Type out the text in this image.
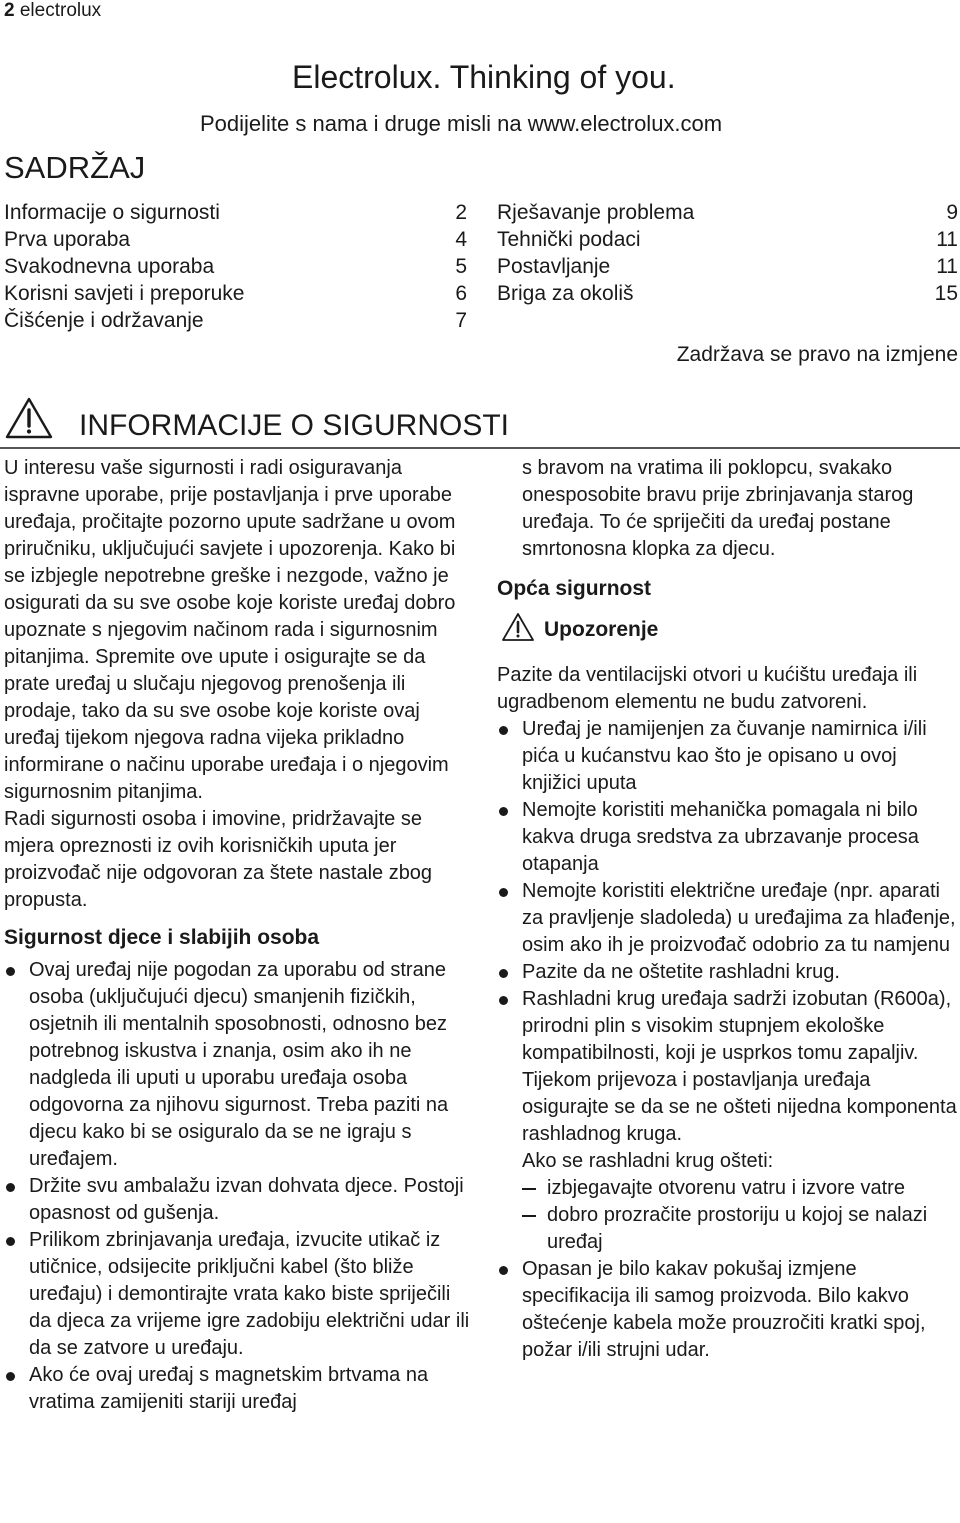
2 electrolux
Electrolux. Thinking of you.
Podijelite s nama i druge misli na www.electrolux.com
SADRŽAJ
Informacije o sigurnosti	2
Prva uporaba	4
Svakodnevna uporaba	5
Korisni savjeti i preporuke	6
Čišćenje i održavanje	7
Rješavanje problema	9
Tehnički podaci	11
Postavljanje	11
Briga za okoliš	15
Zadržava se pravo na izmjene
INFORMACIJE O SIGURNOSTI

U interesu vaše sigurnosti i radi osiguravanja ispravne uporabe, prije postavljanja i prve uporabe uređaja, pročitajte pozorno upute sadržane u ovom priručniku, uključujući savjete i upozorenja. Kako bi se izbjegle nepotrebne greške i nezgode, važno je osigurati da su sve osobe koje koriste uređaj dobro upoznate s njegovim načinom rada i sigurnosnim pitanjima. Spremite ove upute i osigurajte se da prate uređaj u slučaju njegovog prenošenja ili prodaje, tako da su sve osobe koje koriste ovaj uređaj tijekom njegova radna vijeka prikladno informirane o načinu uporabe uređaja i o njegovim sigurnosnim pitanjima.

Radi sigurnosti osoba i imovine, pridržavajte se mjera opreznosti iz ovih korisničkih uputa jer proizvođač nije odgovoran za štete nastale zbog propusta.

Sigurnost djece i slabijih osoba
Ovaj uređaj nije pogodan za uporabu od strane osoba (uključujući djecu) smanjenih fizičkih, osjetnih ili mentalnih sposobnosti, odnosno bez potrebnog iskustva i znanja, osim ako ih ne nadgleda ili uputi u uporabu uređaja osoba odgovorna za njihovu sigurnost. Treba paziti na djecu kako bi se osiguralo da se ne igraju s uređajem.
Držite svu ambalažu izvan dohvata djece. Postoji opasnost od gušenja.
Prilikom zbrinjavanja uređaja, izvucite utikač iz utičnice, odsijecite priključni kabel (što bliže uređaju) i demontirajte vrata kako biste spriječili da djeca za vrijeme igre zadobiju električni udar ili da se zatvore u uređaju.
Ako će ovaj uređaj s magnetskim brtvama na vratima zamijeniti stariji uređaj

s bravom na vratima ili poklopcu, svakako onesposobite bravu prije zbrinjavanja starog uređaja. To će spriječiti da uređaj postane smrtonosna klopka za djecu.

Opća sigurnost
Upozorenje

Pazite da ventilacijski otvori u kućištu uređaja ili ugradbenom elementu ne budu zatvoreni.

Uređaj je namijenjen za čuvanje namirnica i/ili pića u kućanstvu kao što je opisano u ovoj knjižici uputa
Nemojte koristiti mehanička pomagala ni bilo kakva druga sredstva za ubrzavanje procesa otapanja
Nemojte koristiti električne uređaje (npr. aparati za pravljenje sladoleda) u uređajima za hlađenje, osim ako ih je proizvođač odobrio za tu namjenu
Pazite da ne oštetite rashladni krug.
Rashladni krug uređaja sadrži izobutan (R600a), prirodni plin s visokim stupnjem ekološke kompatibilnosti, koji je usprkos tomu zapaljiv.
Tijekom prijevoza i postavljanja uređaja osigurajte se da se ne ošteti nijedna komponenta rashladnog kruga.
Ako se rashladni krug ošteti:
izbjegavajte otvorenu vatru i izvore vatre
dobro prozračite prostoriju u kojoj se nalazi uređaj
Opasan je bilo kakav pokušaj izmjene specifikacija ili samog proizvoda. Bilo kakvo oštećenje kabela može prouzročiti kratki spoj, požar i/ili strujni udar.
